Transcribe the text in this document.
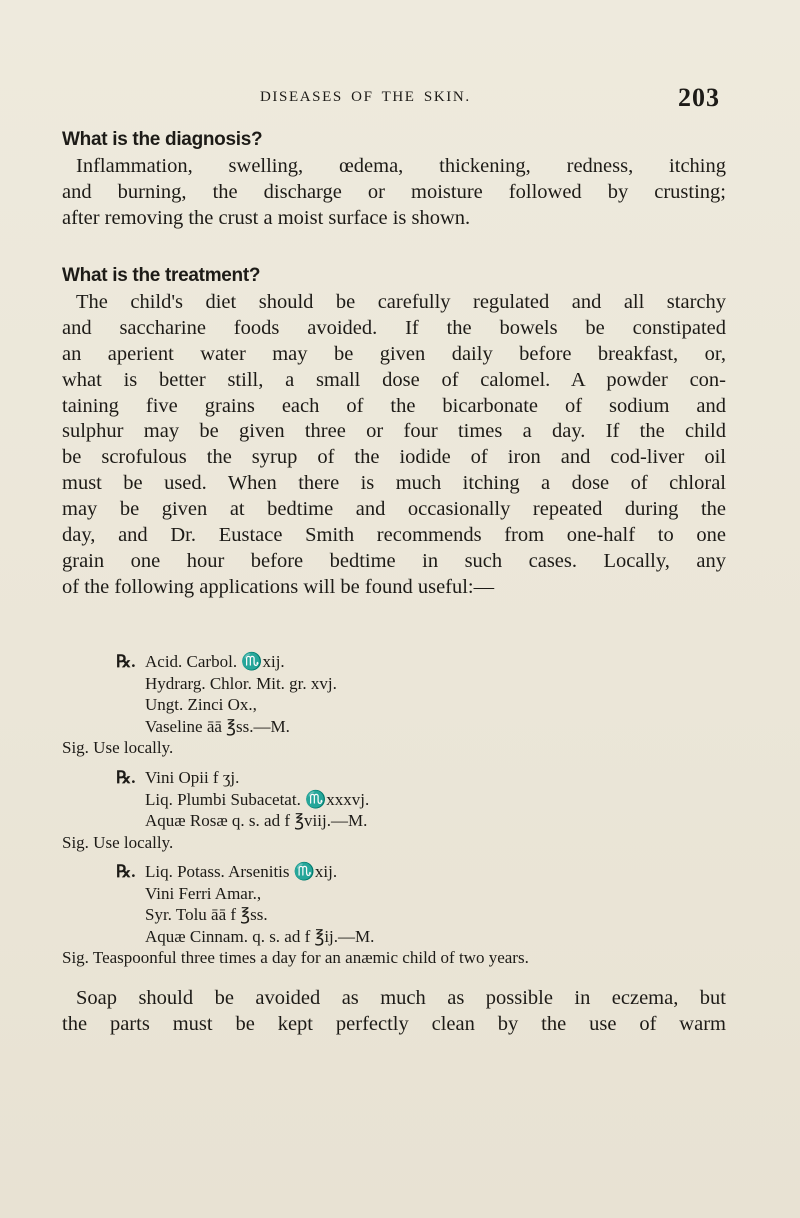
DISEASES OF THE SKIN.	203
What is the diagnosis?
Inflammation, swelling, œdema, thickening, redness, itching
and burning, the discharge or moisture followed by crusting;
after removing the crust a moist surface is shown.
What is the treatment?
The child's diet should be carefully regulated and all starchy
and saccharine foods avoided. If the bowels be constipated
an aperient water may be given daily before breakfast, or,
what is better still, a small dose of calomel. A powder con-
taining five grains each of the bicarbonate of sodium and
sulphur may be given three or four times a day. If the child
be scrofulous the syrup of the iodide of iron and cod-liver oil
must be used. When there is much itching a dose of chloral
may be given at bedtime and occasionally repeated during the
day, and Dr. Eustace Smith recommends from one-half to one
grain one hour before bedtime in such cases. Locally, any
of the following applications will be found useful:—
℞. Acid. Carbol. ♏xij.
Hydrarg. Chlor. Mit. gr. xvj.
Ungt. Zinci Ox.,
Vaseline āā ℥ss.—M.
Sig. Use locally.
℞. Vini Opii f ʒj.
Liq. Plumbi Subacetat. ♏xxxvj.
Aquæ Rosæ q. s. ad f ℥viij.—M.
Sig. Use locally.
℞. Liq. Potass. Arsenitis ♏xij.
Vini Ferri Amar.,
Syr. Tolu āā f ℥ss.
Aquæ Cinnam. q. s. ad f ℥ij.—M.
Sig. Teaspoonful three times a day for an anæmic child of two years.
Soap should be avoided as much as possible in eczema, but
the parts must be kept perfectly clean by the use of warm
